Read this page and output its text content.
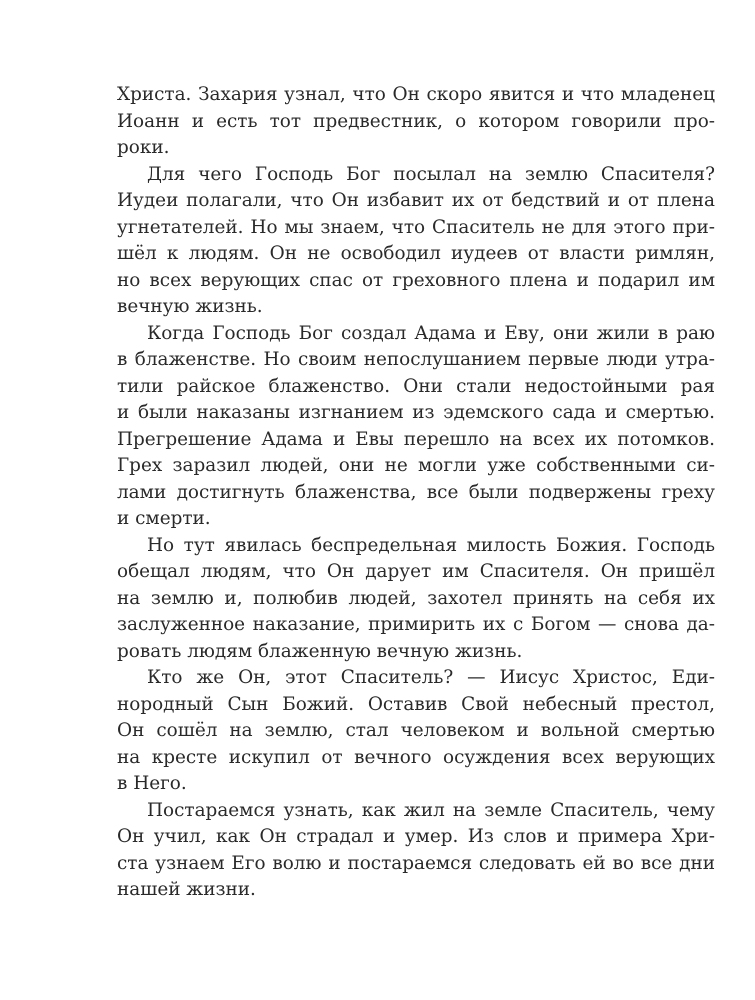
Христа. Захария узнал, что Он скоро явится и что младенец
Иоанн и есть тот предвестник, о котором говорили про-
роки.
Для чего Господь Бог посылал на землю Спасителя?
Иудеи полагали, что Он избавит их от бедствий и от плена
угнетателей. Но мы знаем, что Спаситель не для этого при-
шёл к людям. Он не освободил иудеев от власти римлян,
но всех верующих спас от греховного плена и подарил им
вечную жизнь.
Когда Господь Бог создал Адама и Еву, они жили в раю
в блаженстве. Но своим непослушанием первые люди утра-
тили райское блаженство. Они стали недостойными рая
и были наказаны изгнанием из эдемского сада и смертью.
Прегрешение Адама и Евы перешло на всех их потомков.
Грех заразил людей, они не могли уже собственными си-
лами достигнуть блаженства, все были подвержены греху
и смерти.
Но тут явилась беспредельная милость Божия. Господь
обещал людям, что Он дарует им Спасителя. Он пришёл
на землю и, полюбив людей, захотел принять на себя их
заслуженное наказание, примирить их с Богом — снова да-
ровать людям блаженную вечную жизнь.
Кто же Он, этот Спаситель? — Иисус Христос, Еди-
нородный Сын Божий. Оставив Свой небесный престол,
Он сошёл на землю, стал человеком и вольной смертью
на кресте искупил от вечного осуждения всех верующих
в Него.
Постараемся узнать, как жил на земле Спаситель, чему
Он учил, как Он страдал и умер. Из слов и примера Хри-
ста узнаем Его волю и постараемся следовать ей во все дни
нашей жизни.
